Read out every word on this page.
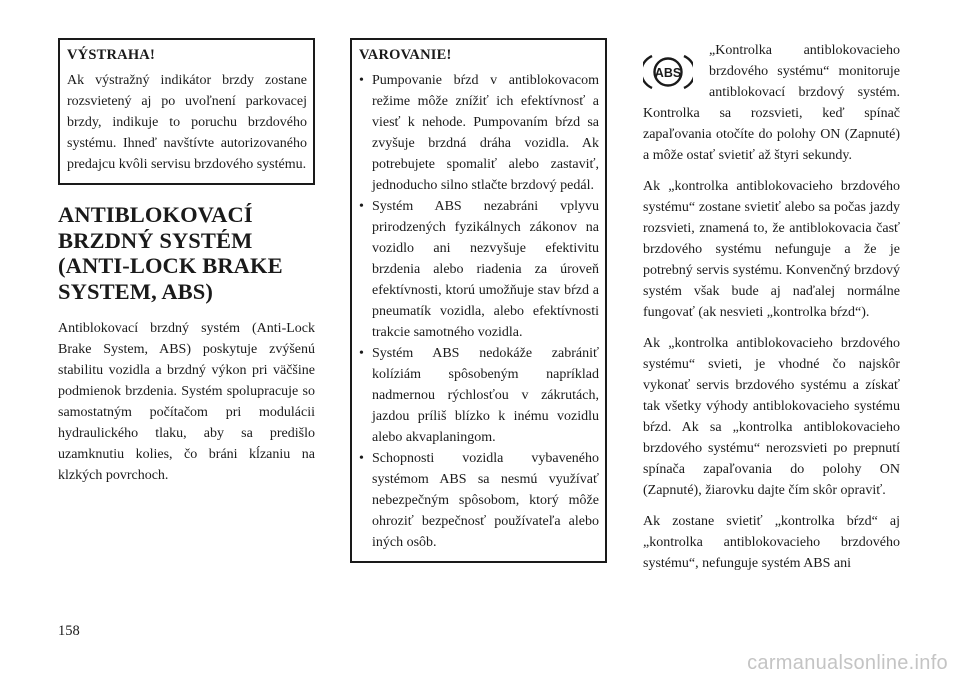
VÝSTRAHA!

Ak výstražný indikátor brzdy zostane rozsvietený aj po uvoľnení parkovacej brzdy, indikuje to poruchu brzdového systému. Ihneď navštívte autorizovaného predajcu kvôli servisu brzdového systému.

ANTIBLOKOVACÍ
BRZDNÝ SYSTÉM
(ANTI-LOCK BRAKE
SYSTEM, ABS)

Antiblokovací brzdný systém (Anti-Lock Brake System, ABS) poskytuje zvýšenú stabilitu vozidla a brzdný výkon pri väčšine podmienok brzdenia. Systém spolupracuje so samostatným počítačom pri modulácii hydraulického tlaku, aby sa predišlo uzamknutiu kolies, čo bráni kĺzaniu na klzkých povrchoch.

VAROVANIE!
• Pumpovanie bŕzd v antiblokovacom režime môže znížiť ich efektívnosť a viesť k nehode. Pumpovaním bŕzd sa zvyšuje brzdná dráha vozidla. Ak potrebujete spomaliť alebo zastaviť, jednoducho silno stlačte brzdový pedál.
• Systém ABS nezabráni vplyvu prirodzených fyzikálnych zákonov na vozidlo ani nezvyšuje efektivitu brzdenia alebo riadenia za úroveň efektívnosti, ktorú umožňuje stav bŕzd a pneumatík vozidla, alebo efektívnosti trakcie samotného vozidla.
• Systém ABS nedokáže zabrániť kolíziám spôsobeným napríklad nadmernou rýchlosťou v zákrutách, jazdou príliš blízko k inému vozidlu alebo akvaplaningom.
• Schopnosti vozidla vybaveného systémom ABS sa nesmú využívať nebezpečným spôsobom, ktorý môže ohroziť bezpečnosť používateľa alebo iných osôb.
ABS

„Kontrolka antiblokovacieho brzdového systému“ monitoruje antiblokovací brzdový systém. Kontrolka sa rozsvieti, keď spínač zapaľovania otočíte do polohy ON (Zapnuté) a môže ostať svietiť až štyri sekundy.

Ak „kontrolka antiblokovacieho brzdového systému“ zostane svietiť alebo sa počas jazdy rozsvieti, znamená to, že antiblokovacia časť brzdového systému nefunguje a že je potrebný servis systému. Konvenčný brzdový systém však bude aj naďalej normálne fungovať (ak nesvieti „kontrolka bŕzd“).

Ak „kontrolka antiblokovacieho brzdového systému“ svieti, je vhodné čo najskôr vykonať servis brzdového systému a získať tak všetky výhody antiblokovacieho systému bŕzd. Ak sa „kontrolka antiblokovacieho brzdového systému“ nerozsvieti po prepnutí spínača zapaľovania do polohy ON (Zapnuté), žiarovku dajte čím skôr opraviť.

Ak zostane svietiť „kontrolka bŕzd“ aj „kontrolka antiblokovacieho brzdového systému“, nefunguje systém ABS ani

158
carmanualsonline.info
